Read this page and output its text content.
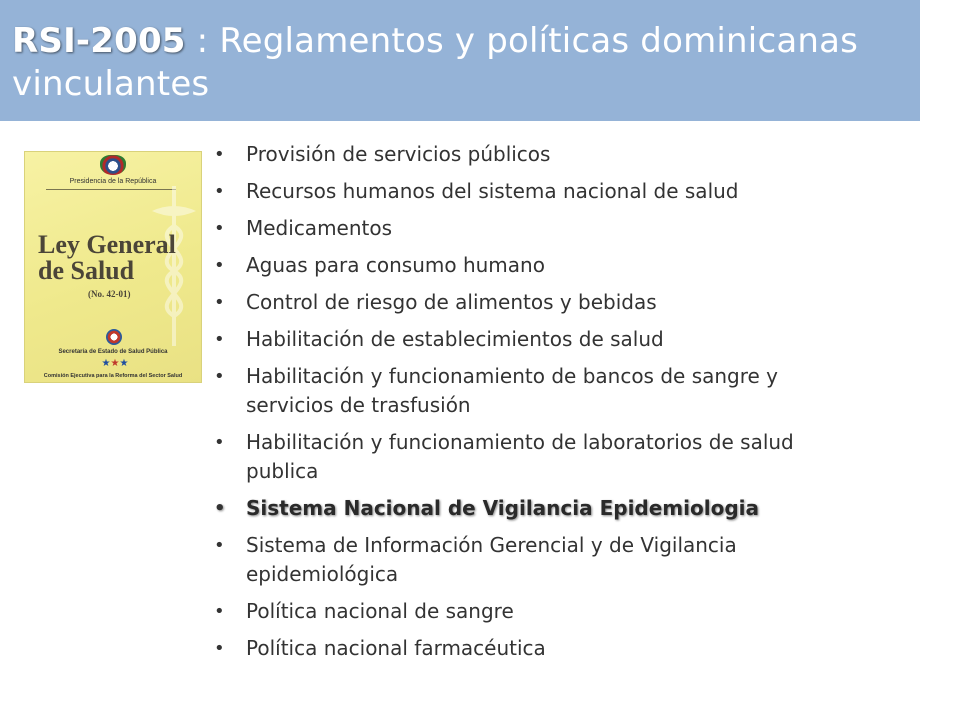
RSI-2005 : Reglamentos y políticas dominicanas vinculantes
Presidencia de la República
Ley General
de Salud
(No. 42-01)
Secretaría de Estado de Salud Pública
★★★
Comisión Ejecutiva para la Reforma del Sector Salud
• Provisión de servicios públicos
• Recursos humanos del sistema nacional de salud
• Medicamentos
• Aguas para consumo humano
• Control de riesgo de alimentos y bebidas
• Habilitación de establecimientos de salud
• Habilitación y funcionamiento de bancos de sangre y servicios de trasfusión
• Habilitación y funcionamiento de laboratorios de salud publica
• Sistema Nacional de Vigilancia Epidemiologia
• Sistema de Información Gerencial y de Vigilancia epidemiológica
• Política nacional de sangre
• Política nacional farmacéutica
